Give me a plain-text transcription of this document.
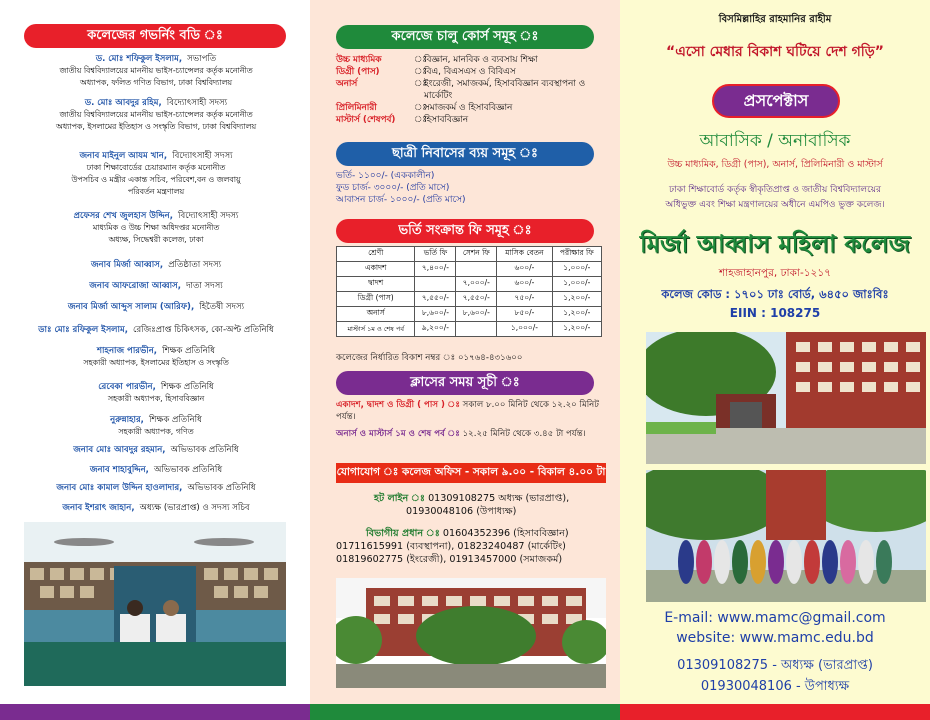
কলেজের গভর্নিং বডি ঃ
ড. মোঃ শফিকুল ইসলাম, সভাপতি
জাতীয় বিশ্ববিদ্যালয়ের মাননীয় ভাইস-চ্যান্সেলর কর্তৃক মনোনীত
অধ্যাপক, ফলিত গণিত বিভাগ, ঢাকা বিশ্ববিদ্যালয়
ড. মোঃ আবদুর রহিম, বিদ্যোৎসাহী সদস্য
জাতীয় বিশ্ববিদ্যালয়ের মাননীয় ভাইস-চ্যান্সেলর কর্তৃক মনোনীত
অধ্যাপক, ইসলামের ইতিহাস ও সংস্কৃতি বিভাগ, ঢাকা বিশ্ববিদ্যালয়
জনাব মাইনুল আযম খান, বিদ্যোৎসাহী সদস্য
ঢাকা শিক্ষাবোর্ডের চেয়ারম্যান কর্তৃক মনোনীত
উপসচিব ও মন্ত্রীর একান্ত সচিব, পরিবেশ,বন ও জলবায়ু
পরিবর্তন মন্ত্রণালয়
প্রফেসর শেখ জুলহাস উদ্দিন, বিদ্যোৎসাহী সদস্য
মাধ্যমিক ও উচ্চ শিক্ষা অধিদপ্তর মনোনীত
অধ্যক্ষ, সিদ্ধেশ্বরী কলেজ, ঢাকা
জনাব মির্জা আব্বাস, প্রতিষ্ঠাতা সদস্য
জনাব আফরোজা আব্বাস, দাতা সদস্য
জনাব মির্জা আব্দুস সালাম (আরিফ), হিতৈষী সদস্য
ডাঃ মোঃ রফিকুল ইসলাম, রেজিঃপ্রাপ্ত চিকিৎসক, কো-অপ্ট প্রতিনিধি
শাহনাজ পারভীন, শিক্ষক প্রতিনিধি
সহকারী অধ্যাপক, ইসলামের ইতিহাস ও সংস্কৃতি
রেবেকা পারভীন, শিক্ষক প্রতিনিধি
সহকারী অধ্যাপক, হিসাববিজ্ঞান
নুরুন্নাহার, শিক্ষক প্রতিনিধি
সহকারী অধ্যাপক, গণিত
জনাব মোঃ আবদুর রহমান, অভিভাবক প্রতিনিধি
জনাব শাহাবুদ্দিন, অভিভাবক প্রতিনিধি
জনাব মোঃ কামাল উদ্দিন হাওলাদার, অভিভাবক প্রতিনিধি
জনাব ইশরাৎ জাহান, অধ্যক্ষ (ভারপ্রাপ্ত) ও সদস্য সচিব
কলেজে চালু কোর্স সমূহ ঃ
উচ্চ মাধ্যমিক	ঃ
বিজ্ঞান, মানবিক ও ব্যবসায় শিক্ষা
ডিগ্রী (পাস)	ঃ
বিএ, বিএসএস ও বিবিএস
অনার্স	ঃ
ইংরেজী, সমাজকর্ম, হিসাববিজ্ঞান ব্যবস্থাপনা ও মার্কেটিং
প্রিলিমিনারী	ঃ
সমাজকর্ম ও হিসাববিজ্ঞান
মাস্টার্স (শেষপর্ব)	ঃ
হিসাববিজ্ঞান
ছাত্রী নিবাসের ব্যয় সমূহ ঃ
ভর্তি- ১১০০/- (এককালীন)
ফুড চার্জ- ৩০০০/- (প্রতি মাসে)
আবাসন চার্জ- ১০০০/- (প্রতি মাসে)
ভর্তি সংক্রান্ত ফি সমূহ ঃ
শ্রেণী	ভর্তি ফি	সেশন ফি	মাসিক বেতন	পরীক্ষার ফি
একাদশ	৭,৪০০/-		৬০০/-	১,০০০/-
দ্বাদশ		৭,০০০/-	৬০০/-	১,০০০/-
ডিগ্রী (পাস)	৭,৫৫০/-	৭,৫৫০/-	৭৫০/-	১,২০০/-
অনার্স	৮,৬০০/-	৮,৬০০/-	৮৫০/-	১,২০০/-
মাস্টার্স ১ম ও শেষ পর্ব	৯,২০০/-		১,০০০/-	১,২০০/-
কলেজের নির্ধারিত বিকাশ নম্বর ঃ ০১৭৬৪-৪৩১৬০০
ক্লাসের সময় সূচী ঃ
একাদশ, দ্বাদশ ও ডিগ্রী ( পাস ) ঃ সকাল ৮.০০ মিনিট থেকে ১২.২০ মিনিট পর্যন্ত।
অনার্স ও মাস্টার্স ১ম ও শেষ পর্ব ঃ ১২.২৫ মিনিট থেকে ৩.৪৫ টা পর্যন্ত।
যোগাযোগ ঃ কলেজ অফিস - সকাল ৯.০০ - বিকাল ৪.০০ টা
হট লাইন ঃ 01309108275 অধ্যক্ষ (ভারপ্রাপ্ত),
01930048106 (উপাধ্যক্ষ)
বিভাগীয় প্রধান ঃ 01604352396 (হিসাববিজ্ঞান)
01711615991 (ব্যবস্থাপনা), 01823240487 (মার্কেটিং)
01819602775 (ইংরেজী), 01913457000 (সমাজকর্ম)
বিসমিল্লাহির রাহমানির রাহীম
“এসো মেধার বিকাশ ঘটিয়ে দেশ গড়ি”
প্রসপেক্টাস
আবাসিক / অনাবাসিক
উচ্চ মাধ্যমিক, ডিগ্রী (পাস), অনার্স, প্রিলিমিনারী ও মাস্টার্স
ঢাকা শিক্ষাবোর্ড কর্তৃক স্বীকৃতিপ্রাপ্ত ও জাতীয় বিশ্ববিদ্যালয়ের
অধিভুক্ত এবং শিক্ষা মন্ত্রণালয়ের অধীনে এমপিও ভুক্ত কলেজ।
মির্জা আব্বাস মহিলা কলেজ
শাহজাহানপুর, ঢাকা-১২১৭
কলেজ কোড : ১৭০১ ঢাঃ বোর্ড, ৬৪৫০ জাঃবিঃ
EIIN : 108275
E-mail: www.mamc@gmail.com
website: www.mamc.edu.bd
01309108275 - অধ্যক্ষ (ভারপ্রাপ্ত)
01930048106 - উপাধ্যক্ষ
